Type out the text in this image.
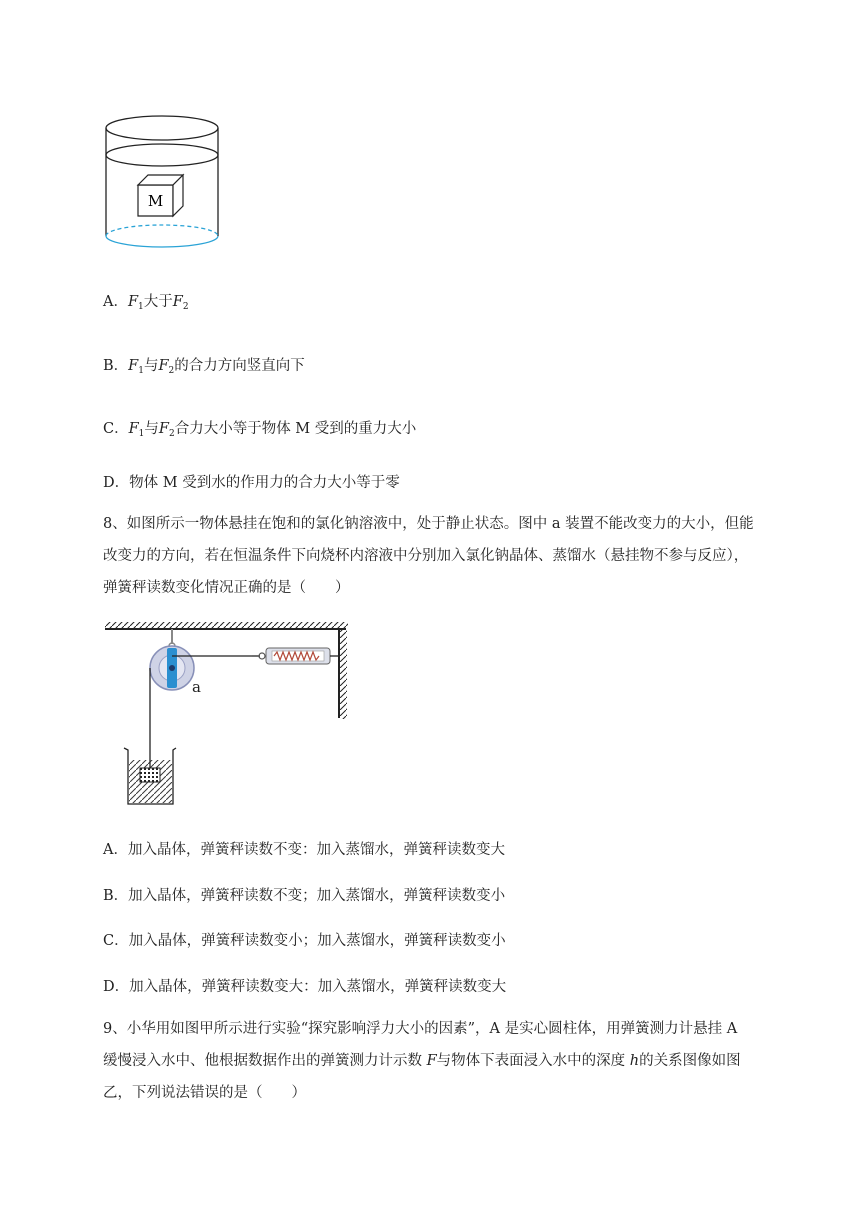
M
A．$F_1$大于$F_2$
B．$F_1$与$F_2$的合力方向竖直向下
C．$F_1$与$F_2$合力大小等于物体 M 受到的重力大小
D．物体 M 受到水的作用力的合力大小等于零
8、如图所示一物体悬挂在饱和的氯化钠溶液中，处于静止状态。图中 a 装置不能改变力的大小，但能
改变力的方向，若在恒温条件下向烧杯内溶液中分别加入氯化钠晶体、蒸馏水（悬挂物不参与反应），
弹簧秤读数变化情况正确的是（　　）
a
A．加入晶体，弹簧秤读数不变：加入蒸馏水，弹簧秤读数变大
B．加入晶体，弹簧秤读数不变；加入蒸馏水，弹簧秤读数变小
C．加入晶体，弹簧秤读数变小；加入蒸馏水，弹簧秤读数变小
D．加入晶体，弹簧秤读数变大：加入蒸馏水，弹簧秤读数变大
9、小华用如图甲所示进行实验“探究影响浮力大小的因素”，A 是实心圆柱体，用弹簧测力计悬挂 A
缓慢浸入水中、他根据数据作出的弹簧测力计示数 F与物体下表面浸入水中的深度 h的关系图像如图
乙，下列说法错误的是（　　）
